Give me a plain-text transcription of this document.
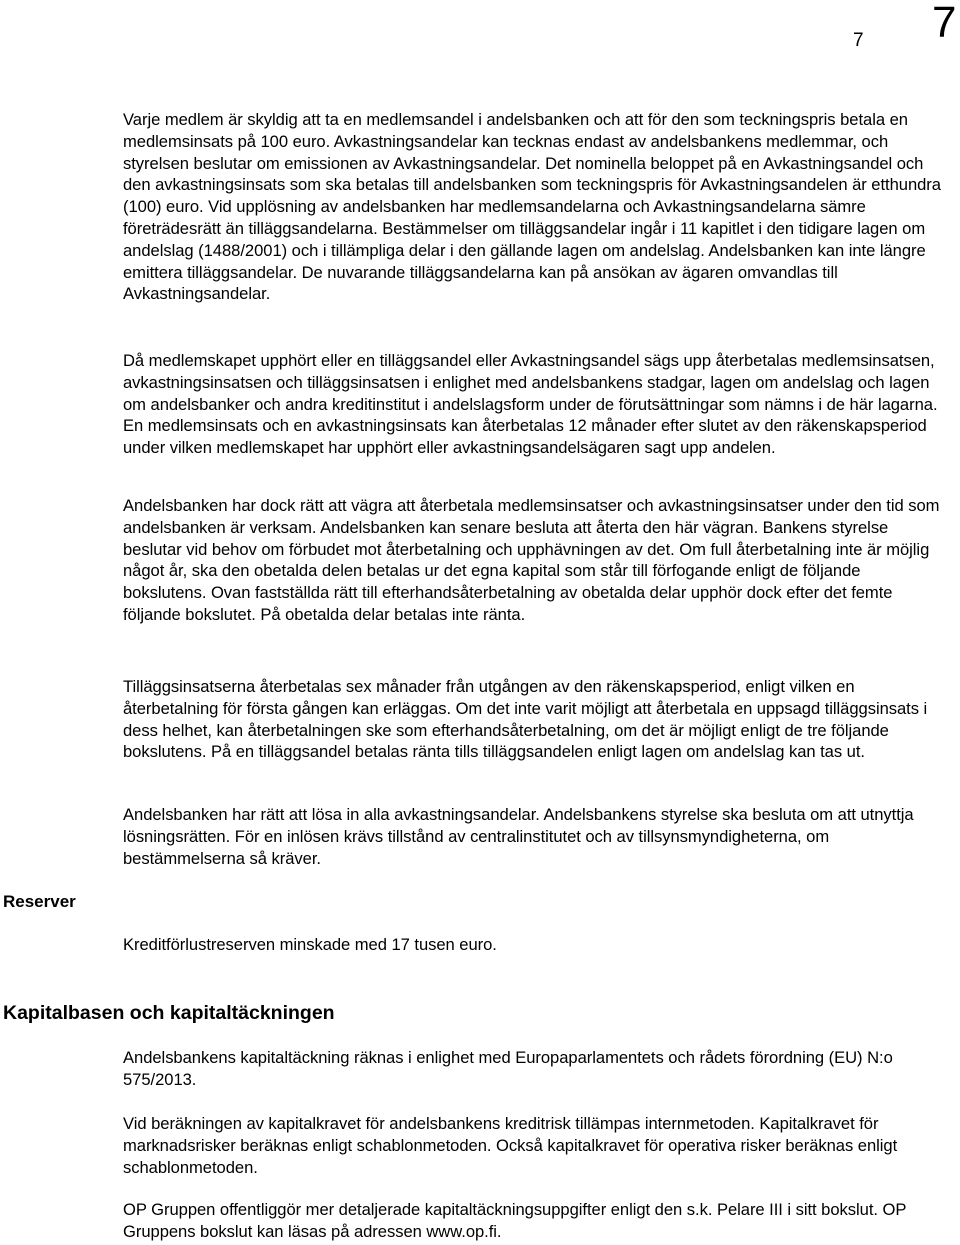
7 7

Varje medlem är skyldig att ta en medlemsandel i andelsbanken och att för den som teckningspris betala en medlemsinsats på 100 euro. Avkastningsandelar kan tecknas endast av andelsbankens medlemmar, och styrelsen beslutar om emissionen av Avkastningsandelar. Det nominella beloppet på en Avkastningsandel och den avkastningsinsats som ska betalas till andelsbanken som teckningspris för Avkastningsandelen är etthundra (100) euro. Vid upplösning av andelsbanken har medlemsandelarna och Avkastningsandelarna sämre företrädesrätt än tilläggsandelarna. Bestämmelser om tilläggsandelar ingår i 11 kapitlet i den tidigare lagen om andelslag (1488/2001) och i tillämpliga delar i den gällande lagen om andelslag. Andelsbanken kan inte längre emittera tilläggsandelar. De nuvarande tilläggsandelarna kan på ansökan av ägaren omvandlas till Avkastningsandelar.

Då medlemskapet upphört eller en tilläggsandel eller Avkastningsandel sägs upp återbetalas medlemsinsatsen, avkastningsinsatsen och tilläggsinsatsen i enlighet med andelsbankens stadgar, lagen om andelslag och lagen om andelsbanker och andra kreditinstitut i andelslagsform under de förutsättningar som nämns i de här lagarna. En medlemsinsats och en avkastningsinsats kan återbetalas 12 månader efter slutet av den räkenskapsperiod under vilken medlemskapet har upphört eller avkastningsandelsägaren sagt upp andelen.

Andelsbanken har dock rätt att vägra att återbetala medlemsinsatser och avkastningsinsatser under den tid som andelsbanken är verksam. Andelsbanken kan senare besluta att återta den här vägran. Bankens styrelse beslutar vid behov om förbudet mot återbetalning och upphävningen av det. Om full återbetalning inte är möjlig något år, ska den obetalda delen betalas ur det egna kapital som står till förfogande enligt de följande bokslutens. Ovan fastställda rätt till efterhandsåterbetalning av obetalda delar upphör dock efter det femte följande bokslutet. På obetalda delar betalas inte ränta.

Tilläggsinsatserna återbetalas sex månader från utgången av den räkenskapsperiod, enligt vilken en återbetalning för första gången kan erläggas. Om det inte varit möjligt att återbetala en uppsagd tilläggsinsats i dess helhet, kan återbetalningen ske som efterhandsåterbetalning, om det är möjligt enligt de tre följande bokslutens. På en tilläggsandel betalas ränta tills tilläggsandelen enligt lagen om andelslag kan tas ut.

Andelsbanken har rätt att lösa in alla avkastningsandelar. Andelsbankens styrelse ska besluta om att utnyttja lösningsrätten. För en inlösen krävs tillstånd av centralinstitutet och av tillsynsmyndigheterna, om bestämmelserna så kräver.

Reserver

Kreditförlustreserven minskade med 17 tusen euro.

Kapitalbasen och kapitaltäckningen

Andelsbankens kapitaltäckning räknas i enlighet med Europaparlamentets och rådets förordning (EU) N:o 575/2013.

Vid beräkningen av kapitalkravet för andelsbankens kreditrisk tillämpas internmetoden. Kapitalkravet för marknadsrisker beräknas enligt schablonmetoden. Också kapitalkravet för operativa risker beräknas enligt schablonmetoden.

OP Gruppen offentliggör mer detaljerade kapitaltäckningsuppgifter enligt den s.k. Pelare III i sitt bokslut. OP Gruppens bokslut kan läsas på adressen www.op.fi.
